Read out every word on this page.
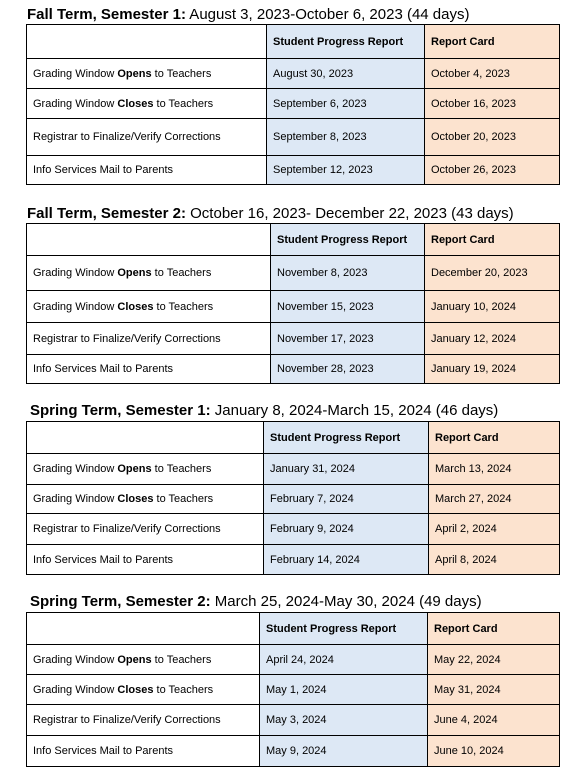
Fall Term, Semester 1: August 3, 2023-October 6, 2023 (44 days)
	Student Progress Report	Report Card
Grading Window Opens to Teachers	August 30, 2023	October 4, 2023
Grading Window Closes to Teachers	September 6, 2023	October 16, 2023
Registrar to Finalize/Verify Corrections	September 8, 2023	October 20, 2023
Info Services Mail to Parents	September 12, 2023	October 26, 2023
Fall Term, Semester 2: October 16, 2023- December 22, 2023 (43 days)
	Student Progress Report	Report Card
Grading Window Opens to Teachers	November 8, 2023	December 20, 2023
Grading Window Closes to Teachers	November 15, 2023	January 10, 2024
Registrar to Finalize/Verify Corrections	November 17, 2023	January 12, 2024
Info Services Mail to Parents	November 28, 2023	January 19, 2024
Spring Term, Semester 1: January 8, 2024-March 15, 2024 (46 days)
	Student Progress Report	Report Card
Grading Window Opens to Teachers	January 31, 2024	March 13, 2024
Grading Window Closes to Teachers	February 7, 2024	March 27, 2024
Registrar to Finalize/Verify Corrections	February 9, 2024	April 2, 2024
Info Services Mail to Parents	February 14, 2024	April 8, 2024
Spring Term, Semester 2: March 25, 2024-May 30, 2024 (49 days)
	Student Progress Report	Report Card
Grading Window Opens to Teachers	April 24, 2024	May 22, 2024
Grading Window Closes to Teachers	May 1, 2024	May 31, 2024
Registrar to Finalize/Verify Corrections	May 3, 2024	June 4, 2024
Info Services Mail to Parents	May 9, 2024	June 10, 2024
